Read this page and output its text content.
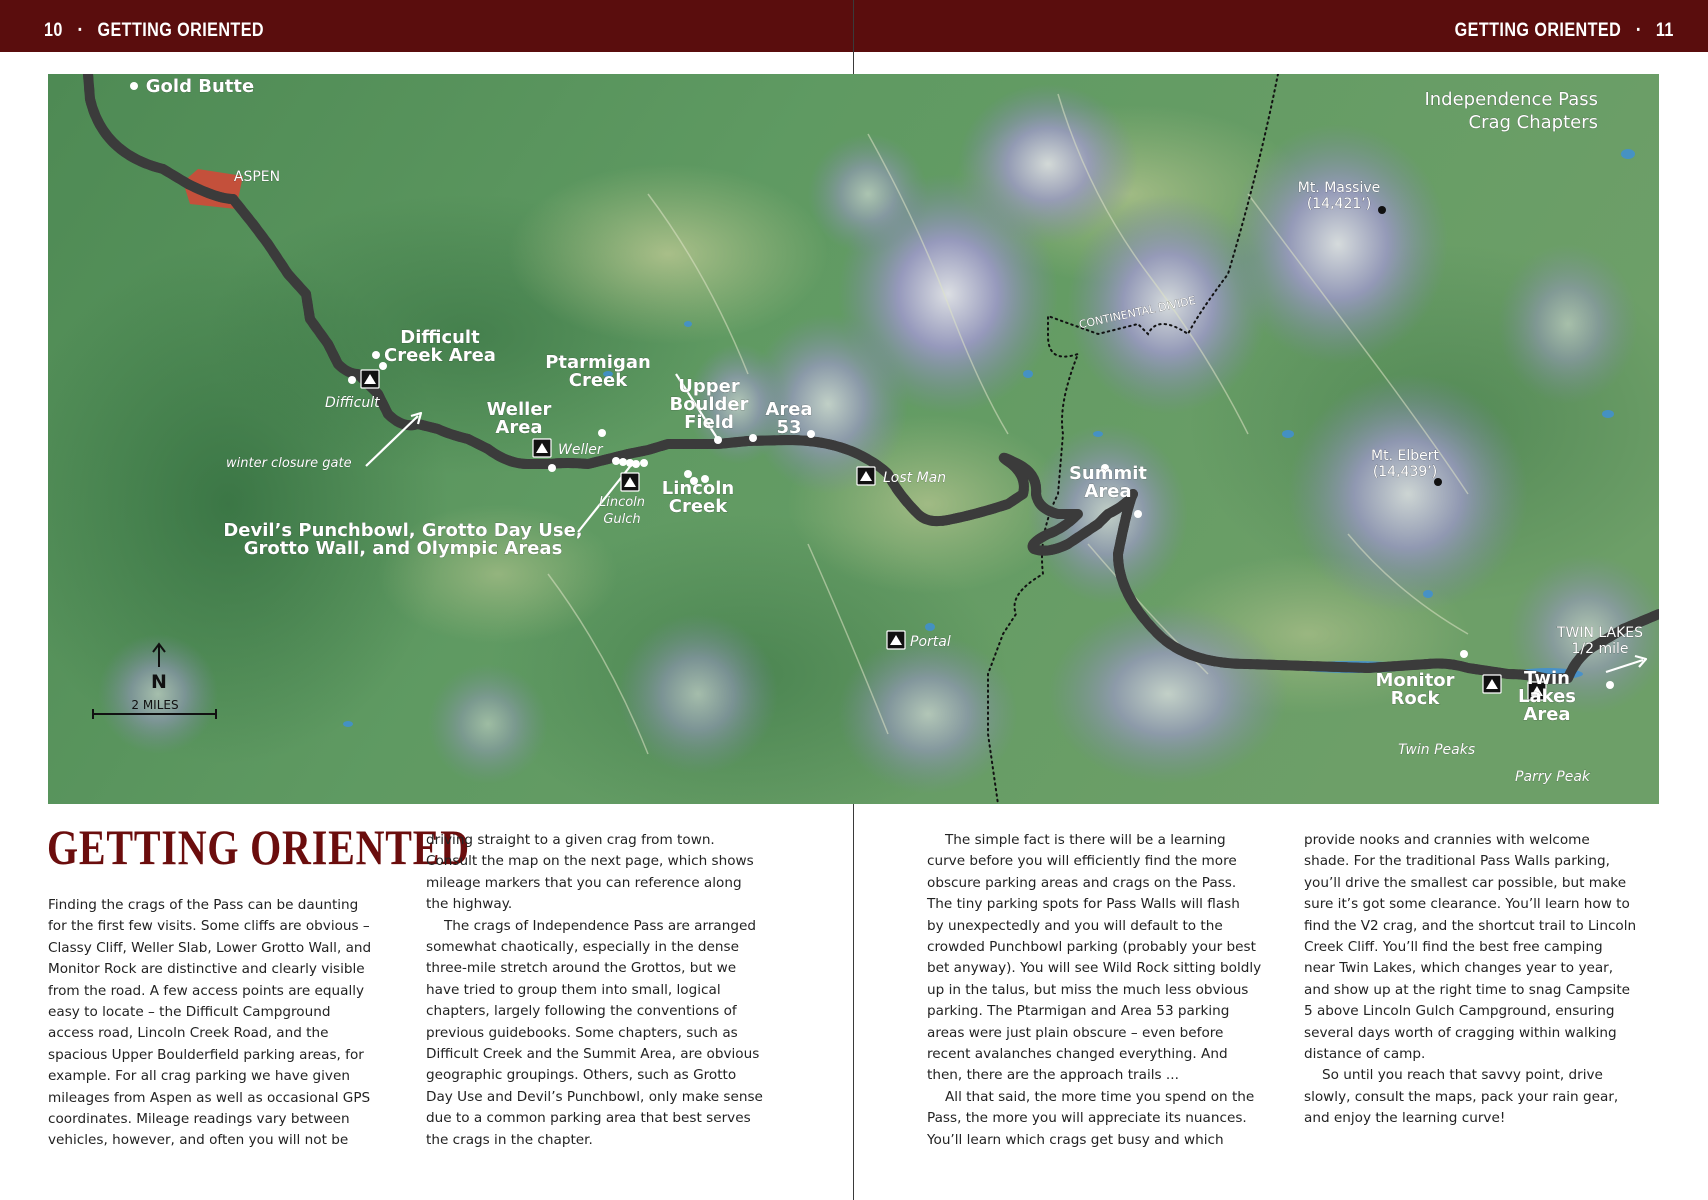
10 ▪ GETTING ORIENTED	GETTING ORIENTED ▪ 11
N
2 MILES
Gold Butte
ASPEN
Difficult
Creek Area
Difficult
Ptarmigan
Creek	Upper
Boulder
Field
Area
53
Weller
Area
Weller
winter closure gate
Lincoln
Gulch
Lincoln
Creek
Devil’s Punchbowl, Grotto Day Use,
Grotto Wall, and Olympic Areas
Lost Man	Summit
Area
Portal
CONTINENTAL DIVIDE
Mt. Massive
(14,421’)
Mt. Elbert
(14,439’)
Independence Pass
Crag Chapters
TWIN LAKES
1/2 mile
Monitor
Rock
Twin
Lakes
Area
Twin Peaks
Parry Peak
GETTING ORIENTED

Finding the crags of the Pass can be daunting

for the first few visits. Some cliffs are obvious –

Classy Cliff, Weller Slab, Lower Grotto Wall, and

Monitor Rock are distinctive and clearly visible

from the road. A few access points are equally

easy to locate – the Difficult Campground

access road, Lincoln Creek Road, and the

spacious Upper Boulderfield parking areas, for

example. For all crag parking we have given

mileages from Aspen as well as occasional GPS

coordinates. Mileage readings vary between

vehicles, however, and often you will not be

driving straight to a given crag from town.

Consult the map on the next page, which shows

mileage markers that you can reference along

the highway.

The crags of Independence Pass are arranged

somewhat chaotically, especially in the dense

three-mile stretch around the Grottos, but we

have tried to group them into small, logical

chapters, largely following the conventions of

previous guidebooks. Some chapters, such as

Difficult Creek and the Summit Area, are obvious

geographic groupings. Others, such as Grotto

Day Use and Devil’s Punchbowl, only make sense

due to a common parking area that best serves

the crags in the chapter.

The simple fact is there will be a learning

curve before you will efficiently find the more

obscure parking areas and crags on the Pass.

The tiny parking spots for Pass Walls will flash

by unexpectedly and you will default to the

crowded Punchbowl parking (probably your best

bet anyway). You will see Wild Rock sitting boldly

up in the talus, but miss the much less obvious

parking. The Ptarmigan and Area 53 parking

areas were just plain obscure – even before

recent avalanches changed everything. And

then, there are the approach trails ...

All that said, the more time you spend on the

Pass, the more you will appreciate its nuances.

You’ll learn which crags get busy and which

provide nooks and crannies with welcome

shade. For the traditional Pass Walls parking,

you’ll drive the smallest car possible, but make

sure it’s got some clearance. You’ll learn how to

find the V2 crag, and the shortcut trail to Lincoln

Creek Cliff. You’ll find the best free camping

near Twin Lakes, which changes year to year,

and show up at the right time to snag Campsite

5 above Lincoln Gulch Campground, ensuring

several days worth of cragging within walking

distance of camp.

So until you reach that savvy point, drive

slowly, consult the maps, pack your rain gear,

and enjoy the learning curve!
